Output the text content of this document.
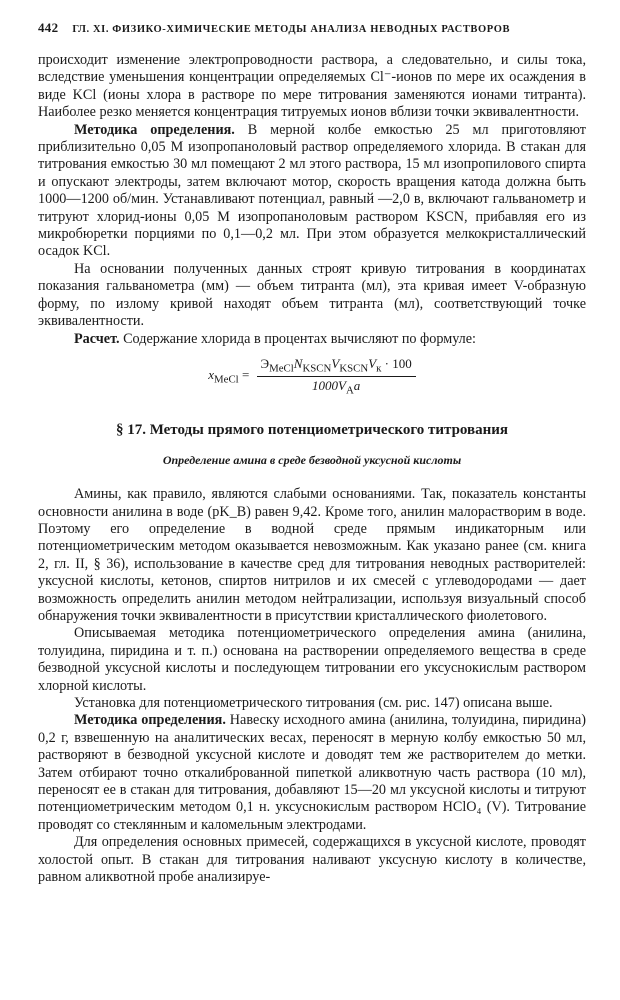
442 ГЛ. XI. ФИЗИКО-ХИМИЧЕСКИЕ МЕТОДЫ АНАЛИЗА НЕВОДНЫХ РАСТВОРОВ

происходит изменение электропроводности раствора, а следовательно, и силы тока, вследствие уменьшения концентрации определяемых Cl⁻-ионов по мере их осаждения в виде KCl (ионы хлора в растворе по мере титрования заменяются ионами титранта). Наиболее резко меняется концентрация титруемых ионов вблизи точки эквивалентности.

Методика определения. В мерной колбе емкостью 25 мл приготовляют приблизительно 0,05 M изопропаноловый раствор определяемого хлорида. В стакан для титрования емкостью 30 мл помещают 2 мл этого раствора, 15 мл изопропилового спирта и опускают электроды, затем включают мотор, скорость вращения катода должна быть 1000—1200 об/мин. Устанавливают потенциал, равный —2,0 в, включают гальванометр и титруют хлорид-ионы 0,05 M изопропаноловым раствором KSCN, прибавляя его из микробюретки порциями по 0,1—0,2 мл. При этом образуется мелкокристаллический осадок KCl.

На основании полученных данных строят кривую титрования в координатах показания гальванометра (мм) — объем титранта (мл), эта кривая имеет V-образную форму, по излому кривой находят объем титранта (мл), соответствующий точке эквивалентности.

Расчет. Содержание хлорида в процентах вычисляют по формуле:

$x_{MeCl} = \frac{Э_{MeCl}N_{KSCN}V_{KSCN}V_к \cdot 100}{1000V_Aa}$
§ 17. Методы прямого потенциометрического титрования
Определение амина в среде безводной уксусной кислоты

Амины, как правило, являются слабыми основаниями. Так, показатель константы основности анилина в воде (pK_B) равен 9,42. Кроме того, анилин малорастворим в воде. Поэтому его определение в водной среде прямым индикаторным или потенциометрическим методом оказывается невозможным. Как указано ранее (см. книга 2, гл. II, § 36), использование в качестве сред для титрования неводных растворителей: уксусной кислоты, кетонов, спиртов нитрилов и их смесей с углеводородами — дает возможность определить анилин методом нейтрализации, используя визуальный способ обнаружения точки эквивалентности в присутствии кристаллического фиолетового.

Описываемая методика потенциометрического определения амина (анилина, толуидина, пиридина и т. п.) основана на растворении определяемого вещества в среде безводной уксусной кислоты и последующем титровании его уксуснокислым раствором хлорной кислоты.

Установка для потенциометрического титрования (см. рис. 147) описана выше.

Методика определения. Навеску исходного амина (анилина, толуидина, пиридина) 0,2 г, взвешенную на аналитических весах, переносят в мерную колбу емкостью 50 мл, растворяют в безводной уксусной кислоте и доводят тем же растворителем до метки. Затем отбирают точно откалиброванной пипеткой аликвотную часть раствора (10 мл), переносят ее в стакан для титрования, добавляют 15—20 мл уксусной кислоты и титруют потенциометрическим методом 0,1 н. уксуснокислым раствором HClO₄ (V). Титрование проводят со стеклянным и каломельным электродами.

Для определения основных примесей, содержащихся в уксусной кислоте, проводят холостой опыт. В стакан для титрования наливают уксусную кислоту в количестве, равном аликвотной пробе анализируе-
